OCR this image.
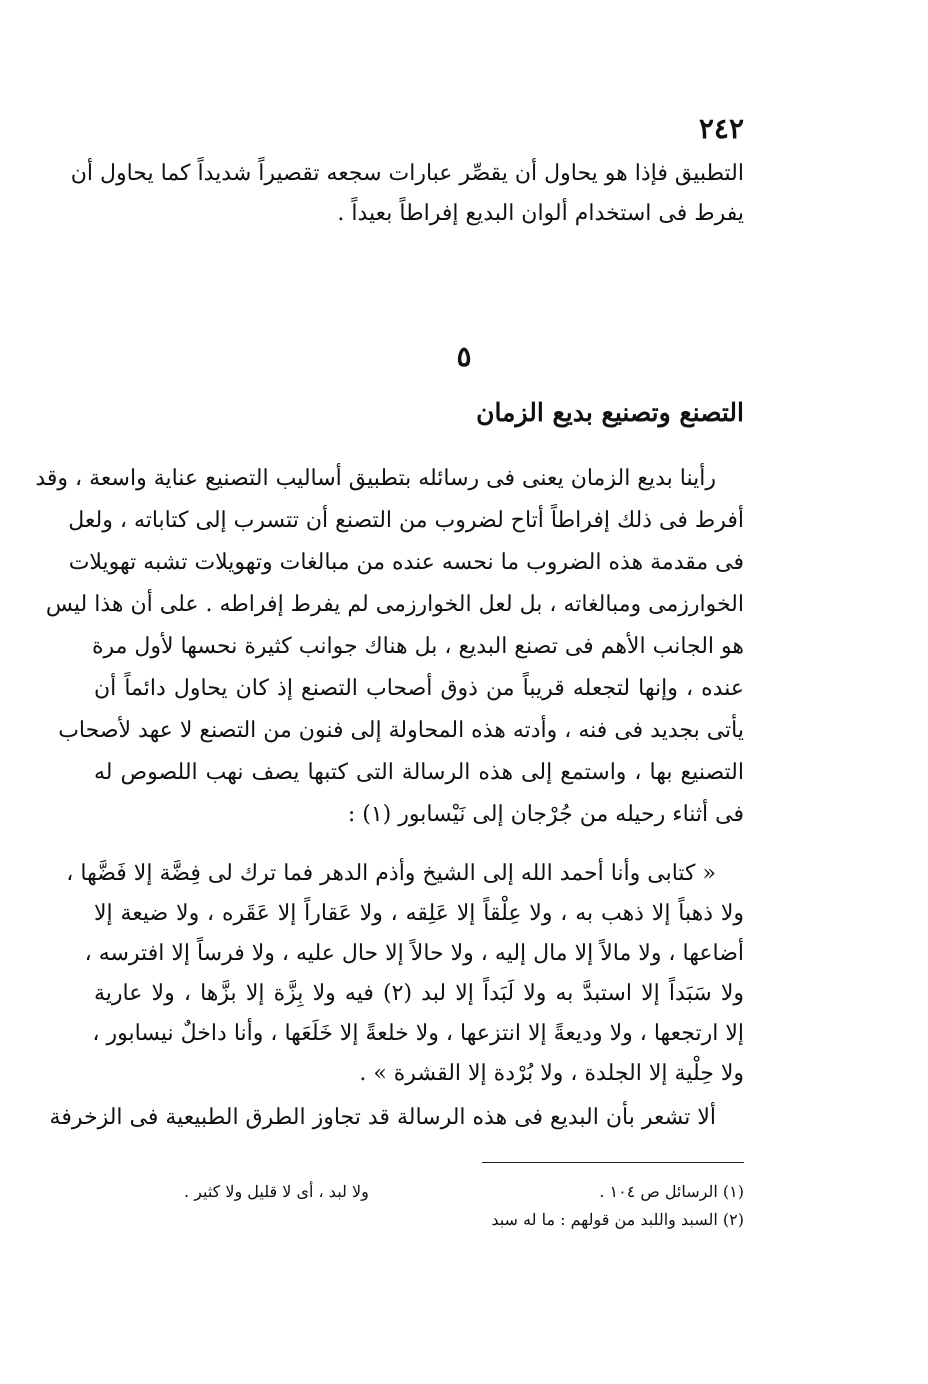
٢٤٢
التطبيق فإذا هو يحاول أن يقصِّر عبارات سجعه تقصيراً شديداً كما يحاول أن
يفرط فى استخدام ألوان البديع إفراطاً بعيداً .
٥
التصنع وتصنيع بديع الزمان
رأينا بديع الزمان يعنى فى رسائله بتطبيق أساليب التصنيع عناية واسعة ، وقد
أفرط فى ذلك إفراطاً أتاح لضروب من التصنع أن تتسرب إلى كتاباته ، ولعل
فى مقدمة هذه الضروب ما نحسه عنده من مبالغات وتهويلات تشبه تهويلات
الخوارزمى ومبالغاته ، بل لعل الخوارزمى لم يفرط إفراطه . على أن هذا ليس
هو الجانب الأهم فى تصنع البديع ، بل هناك جوانب كثيرة نحسها لأول مرة
عنده ، وإنها لتجعله قريباً من ذوق أصحاب التصنع إذ كان يحاول دائماً أن
يأتى بجديد فى فنه ، وأدته هذه المحاولة إلى فنون من التصنع لا عهد لأصحاب
التصنيع بها ، واستمع إلى هذه الرسالة التى كتبها يصف نهب اللصوص له
فى أثناء رحيله من جُرْجان إلى نَيْسابور (١) :
« كتابى وأنا أحمد الله إلى الشيخ وأذم الدهر فما ترك لى فِضَّة إلا فَضَّها ،
ولا ذهباً إلا ذهب به ، ولا عِلْقاً إلا عَلِقه ، ولا عَقاراً إلا عَقَره ، ولا ضيعة إلا
أضاعها ، ولا مالاً إلا مال إليه ، ولا حالاً إلا حال عليه ، ولا فرساً إلا افترسه ،
ولا سَبَداً إلا استبدَّ به ولا لَبَداً إلا لبد (٢) فيه ولا بِزَّة إلا بزَّها ، ولا عارية
إلا ارتجعها ، ولا وديعةً إلا انتزعها ، ولا خلعةً إلا خَلَعَها ، وأنا داخلٌ نيسابور ،
ولا حِلْية إلا الجلدة ، ولا بُرْدة إلا القشرة » .
ألا تشعر بأن البديع فى هذه الرسالة قد تجاوز الطرق الطبيعية فى الزخرفة
(١) الرسائل ص ١٠٤ .
ولا لبد ، أى لا قليل ولا كثير .
(٢) السبد واللبد من قولهم : ما له سبد
